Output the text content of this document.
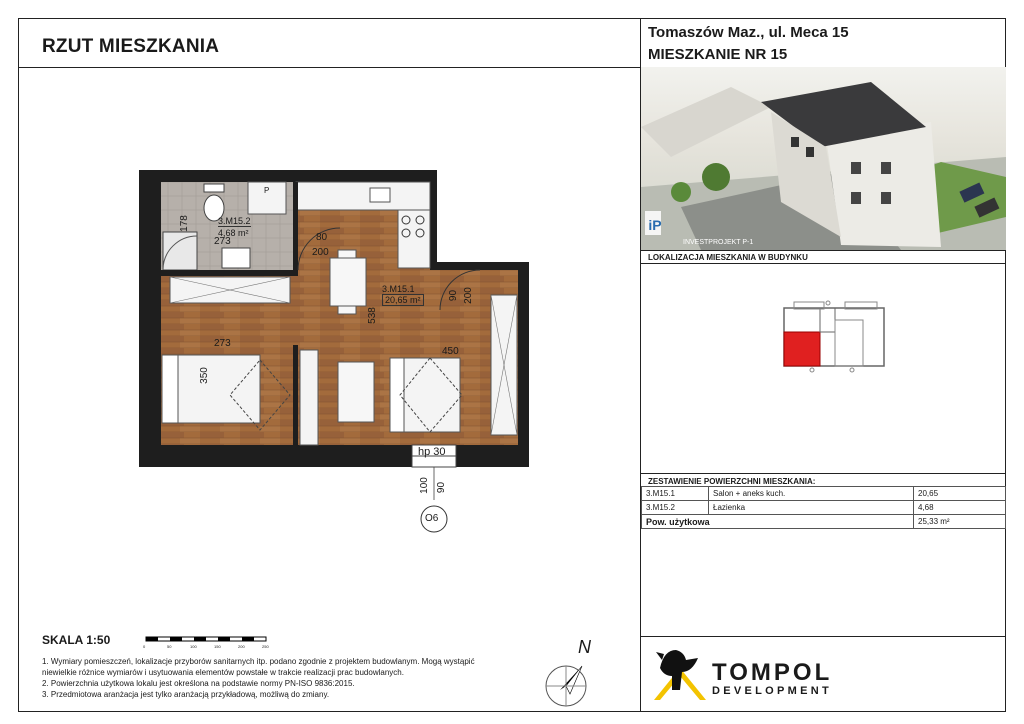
RZUT MIESZKANIA
Tomaszów Maz., ul. Meca 15
MIESZKANIE NR 15
iP
INVESTPROJEKT P-1
LOKALIZACJA MIESZKANIA W BUDYNKU
P
3.M15.2
4,68 m²
178
273	80
200
3.M15.1
20,65 m²
538
90 200
273
350
450
hp 30
100 90
O6
ZESTAWIENIE POWIERZCHNI MIESZKANIA:
3.M15.1	Salon + aneks kuch.	20,65
3.M15.2	Łazienka	4,68
Pow. użytkowa		25,33 m²
SKALA 1:50	0	50	100	150	200	250
1. Wymiary pomieszczeń, lokalizacje przyborów sanitarnych itp. podano zgodnie z projektem budowlanym. Mogą wystąpić
niewielkie różnice wymiarów i usytuowania elementów powstałe w trakcie realizacji prac budowlanych.
2. Powierzchnia użytkowa lokalu jest określona na podstawie normy PN-ISO 9836:2015.
3. Przedmiotowa aranżacja jest tylko aranżacją przykładową, możliwą do zmiany.
N
TOMPOL
DEVELOPMENT
